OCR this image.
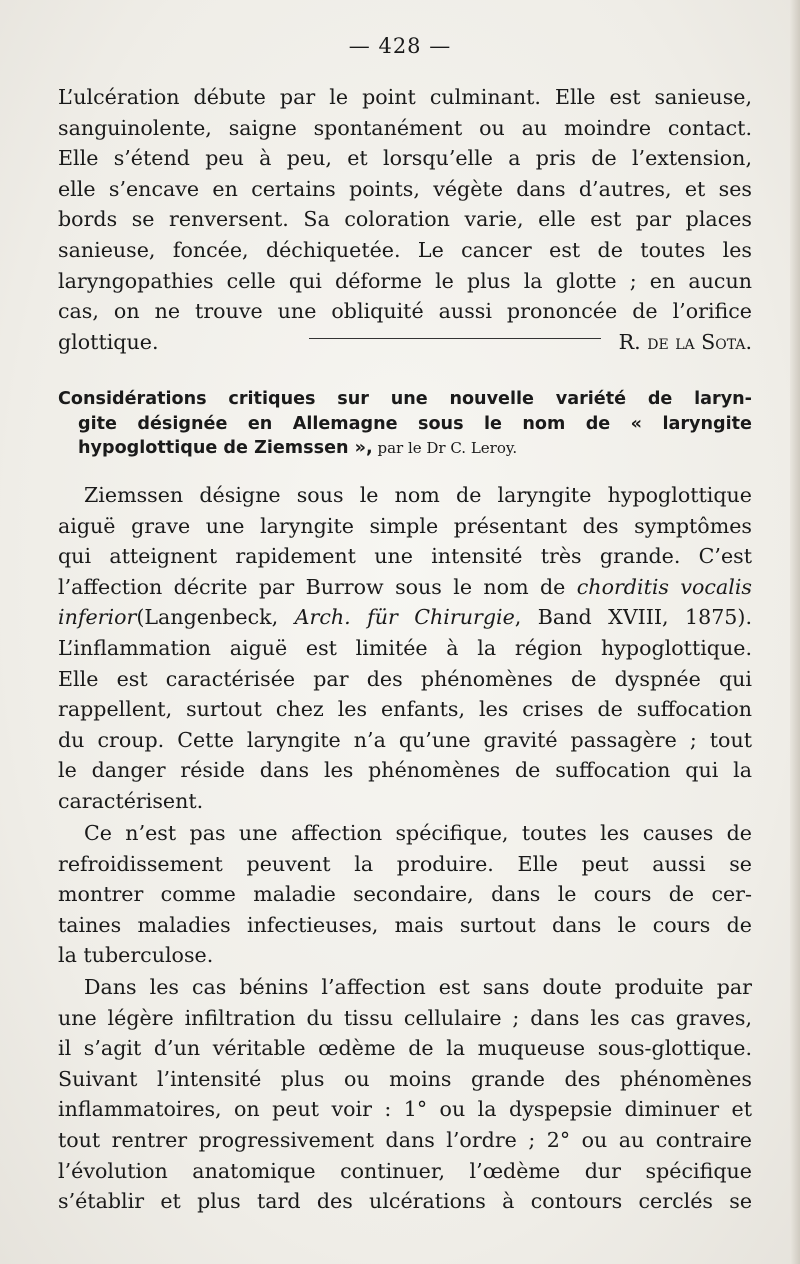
— 428 —
L’ulcération débute par le point culminant. Elle est sanieuse,
sanguinolente, saigne spontanément ou au moindre contact.
Elle s’étend peu à peu, et lorsqu’elle a pris de l’extension,
elle s’encave en certains points, végète dans d’autres, et ses
bords se renversent. Sa coloration varie, elle est par places
sanieuse, foncée, déchiquetée. Le cancer est de toutes les
laryngopathies celle qui déforme le plus la glotte ; en aucun
cas, on ne trouve une obliquité aussi prononcée de l’orifice
glottique.	R. de la Sota.
Considérations critiques sur une nouvelle variété de laryn-
gite désignée en Allemagne sous le nom de « laryngite
hypoglottique de Ziemssen », par le Dr C. Leroy.
Ziemssen désigne sous le nom de laryngite hypoglottique
aiguë grave une laryngite simple présentant des symptômes
qui atteignent rapidement une intensité très grande. C’est
l’affection décrite par Burrow sous le nom de chorditis vocalis
inferior(Langenbeck, Arch. für Chirurgie, Band XVIII, 1875).
L’inflammation aiguë est limitée à la région hypoglottique.
Elle est caractérisée par des phénomènes de dyspnée qui
rappellent, surtout chez les enfants, les crises de suffocation
du croup. Cette laryngite n’a qu’une gravité passagère ; tout
le danger réside dans les phénomènes de suffocation qui la
caractérisent.
Ce n’est pas une affection spécifique, toutes les causes de
refroidissement peuvent la produire. Elle peut aussi se
montrer comme maladie secondaire, dans le cours de cer-
taines maladies infectieuses, mais surtout dans le cours de
la tuberculose.
Dans les cas bénins l’affection est sans doute produite par
une légère infiltration du tissu cellulaire ; dans les cas graves,
il s’agit d’un véritable œdème de la muqueuse sous-glottique.
Suivant l’intensité plus ou moins grande des phénomènes
inflammatoires, on peut voir : 1° ou la dyspepsie diminuer et
tout rentrer progressivement dans l’ordre ; 2° ou au contraire
l’évolution anatomique continuer, l’œdème dur spécifique
s’établir et plus tard des ulcérations à contours cerclés se
